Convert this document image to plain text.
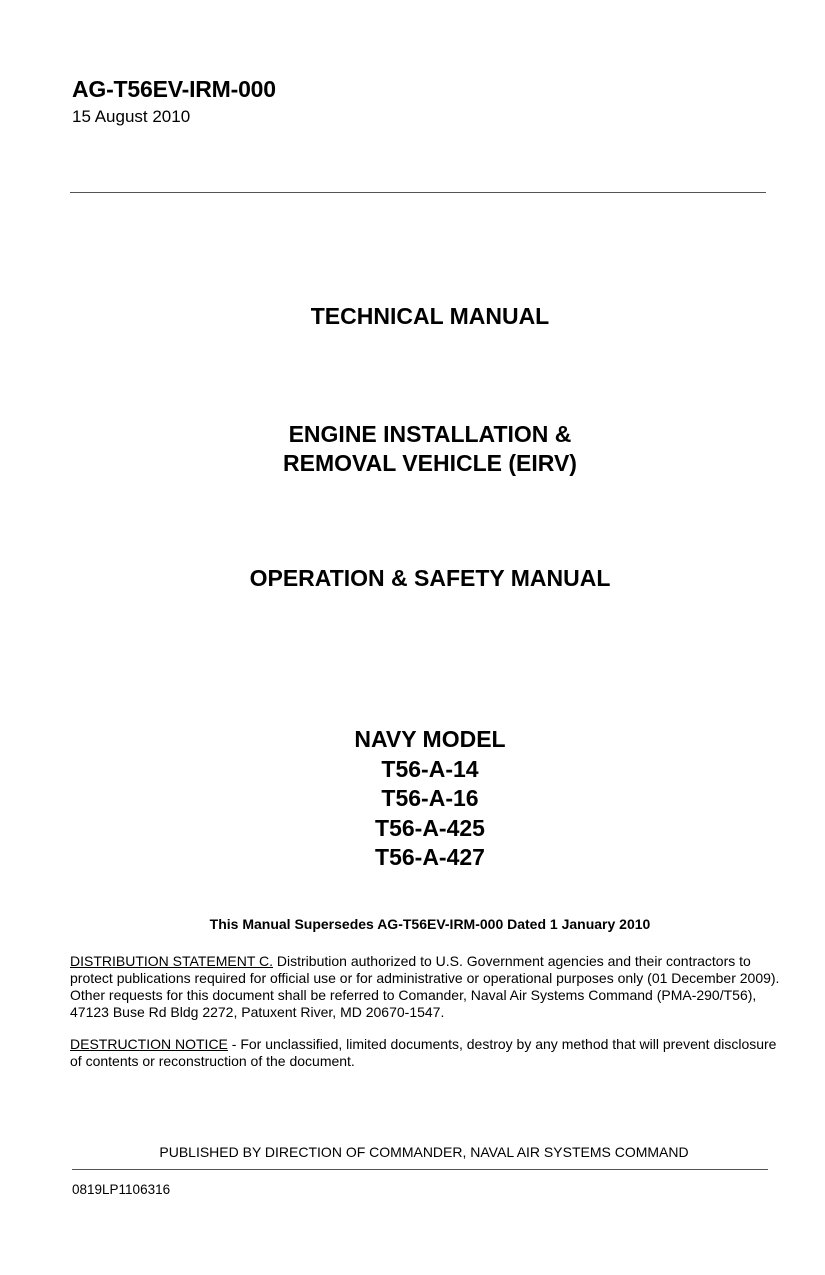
AG-T56EV-IRM-000
15 August 2010
TECHNICAL MANUAL
ENGINE INSTALLATION &
REMOVAL VEHICLE (EIRV)
OPERATION & SAFETY MANUAL
NAVY MODEL
T56-A-14
T56-A-16
T56-A-425
T56-A-427
This Manual Supersedes AG-T56EV-IRM-000 Dated 1 January 2010
DISTRIBUTION STATEMENT C. Distribution authorized to U.S. Government agencies and their contractors to protect publications required for official use or for administrative or operational purposes only (01 December 2009). Other requests for this document shall be referred to Comander, Naval Air Systems Command (PMA-290/T56), 47123 Buse Rd Bldg 2272, Patuxent River, MD 20670-1547.
DESTRUCTION NOTICE - For unclassified, limited documents, destroy by any method that will prevent disclosure of contents or reconstruction of the document.
PUBLISHED BY DIRECTION OF COMMANDER, NAVAL AIR SYSTEMS COMMAND
0819LP1106316
